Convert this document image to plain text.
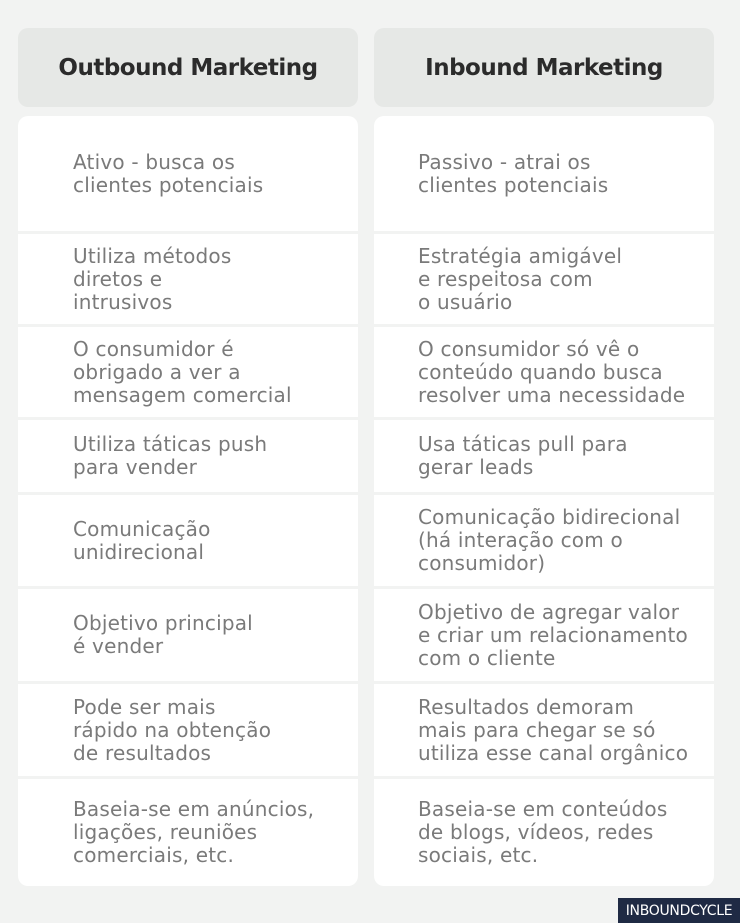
Outbound Marketing	Inbound Marketing
Ativo - busca os
clientes potenciais
Utiliza métodos
diretos e
intrusivos
O consumidor é
obrigado a ver a
mensagem comercial
Utiliza táticas push
para vender
Comunicação
unidirecional
Objetivo principal
é vender
Pode ser mais
rápido na obtenção
de resultados
Baseia-se em anúncios,
ligações, reuniões
comerciais, etc.
Passivo - atrai os
clientes potenciais
Estratégia amigável
e respeitosa com
o usuário
O consumidor só vê o
conteúdo quando busca
resolver uma necessidade
Usa táticas pull para
gerar leads
Comunicação bidirecional
(há interação com o
consumidor)
Objetivo de agregar valor
e criar um relacionamento
com o cliente
Resultados demoram
mais para chegar se só
utiliza esse canal orgânico
Baseia-se em conteúdos
de blogs, vídeos, redes
sociais, etc.
INBOUNDCYCLE
